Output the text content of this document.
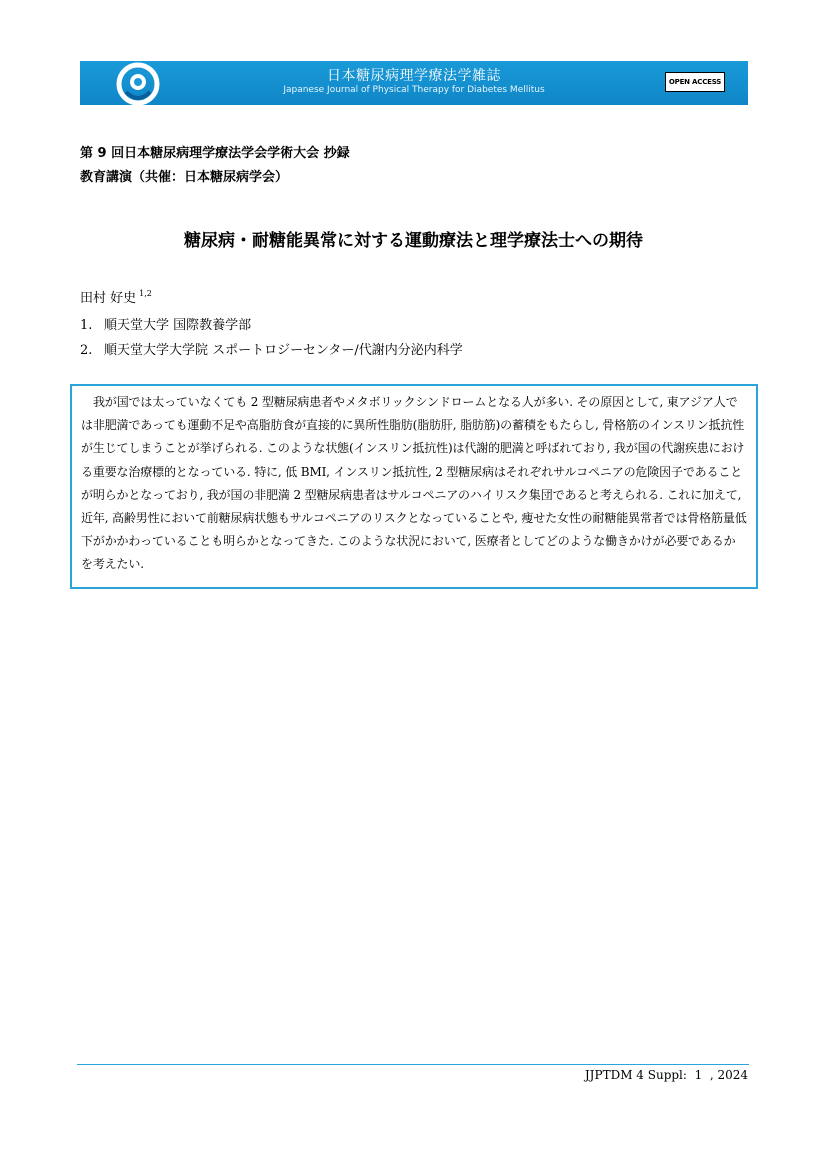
日本糖尿病理学療法学雑誌
Japanese Journal of Physical Therapy for Diabetes Mellitus
OPEN ACCESS
第 9 回日本糖尿病理学療法学会学術大会 抄録
教育講演（共催：日本糖尿病学会）
糖尿病・耐糖能異常に対する運動療法と理学療法士への期待
田村 好史 $^{1,2}$
1. 順天堂大学 国際教養学部
2. 順天堂大学大学院 スポートロジーセンター/代謝内分泌内科学

我が国では太っていなくても 2 型糖尿病患者やメタボリックシンドロームとなる人が多い. その原因として, 東アジア人では非肥満であっても運動不足や高脂肪食が直接的に異所性脂肪(脂肪肝, 脂肪筋)の蓄積をもたらし, 骨格筋のインスリン抵抗性が生じてしまうことが挙げられる. このような状態(インスリン抵抗性)は代謝的肥満と呼ばれており, 我が国の代謝疾患における重要な治療標的となっている. 特に, 低 BMI, インスリン抵抗性, 2 型糖尿病はそれぞれサルコペニアの危険因子であることが明らかとなっており, 我が国の非肥満 2 型糖尿病患者はサルコペニアのハイリスク集団であると考えられる. これに加えて, 近年, 高齢男性において前糖尿病状態もサルコペニアのリスクとなっていることや, 痩せた女性の耐糖能異常者では骨格筋量低下がかかわっていることも明らかとなってきた. このような状況において, 医療者としてどのような働きかけが必要であるかを考えたい.

JJPTDM 4 Suppl:  1  , 2024
